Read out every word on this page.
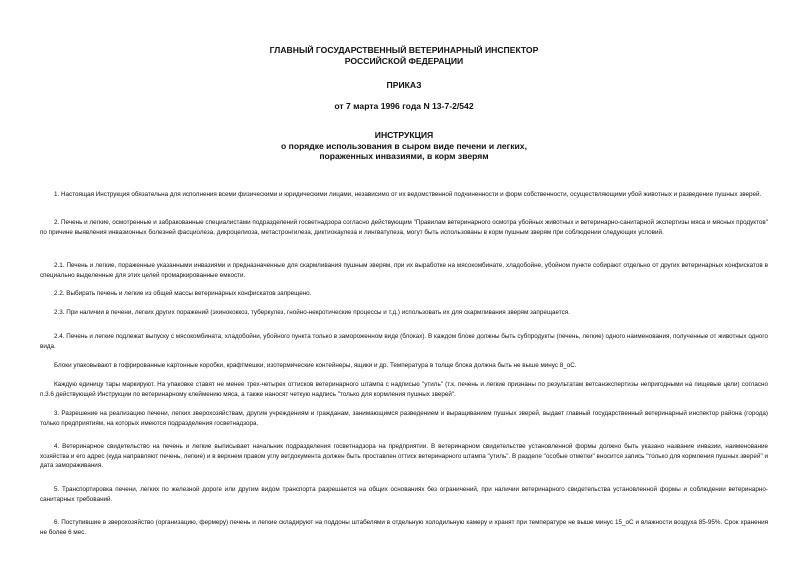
ГЛАВНЫЙ ГОСУДАРСТВЕННЫЙ ВЕТЕРИНАРНЫЙ ИНСПЕКТОР
РОССИЙСКОЙ ФЕДЕРАЦИИ
ПРИКАЗ
от 7 марта 1996 года N 13-7-2/542
ИНСТРУКЦИЯ
о порядке использования в сыром виде печени и легких,
пораженных инвазиями, в корм зверям

1. Настоящая Инструкция обязательна для исполнения всеми физическими и юридическими лицами, независимо от их ведомственной подчиненности и форм собственности, осуществляющими убой животных и разведение пушных зверей.

2. Печень и легкие, осмотренные и забракованные специалистами подразделений госветнадзора согласно действующим "Правилам ветеринарного осмотра убойных животных и ветеринарно-санитарной экспертизы мяса и мясных продуктов" по причине выявления инвазионных болезней фасциолеза, дикроцелиоза, метастронгилеза, диктиокаулеза и лингватулеза, могут быть использованы в корм пушным зверям при соблюдении следующих условий.

2.1. Печень и легкие, пораженные указанными инвазиями и предназначенные для скармливания пушным зверям, при их выработке на мясокомбинате, хладобойне, убойном пункте собирают отдельно от других ветеринарных конфискатов в специально выделенные для этих целей промаркированные емкости.

2.2. Выбирать печень и легкие из общей массы ветеринарных конфискатов запрещено.

2.3. При наличии в печени, легких других поражений (эхинококкоз, туберкулез, гнойно-некротические процессы и т.д.) использовать их для скармливания зверям запрещается.

2.4. Печень и легкие подлежат выпуску с мясокомбината, хладобойни, убойного пункта только в замороженном виде (блоках). В каждом блоке должны быть субпродукты (печень, легкие) одного наименования, полученные от животных одного вида.

Блоки упаковывают в гофрированные картонные коробки, крафтмешки, изотермические контейнеры, ящики и др. Температура в толще блока должна быть не выше минус 8_оС.

Каждую единицу тары маркируют. На упаковке ставят не менее трех-четырех оттисков ветеринарного штампа с надписью "утиль" (т.к. печень и легкие признаны по результатам ветсанэкспертизы непригодными на пищевые цели) согласно п.3.6 действующей Инструкции по ветеринарному клеймению мяса, а также наносят четкую надпись "только для кормления пушных зверей".

3. Разрешение на реализацию печени, легких зверохозяйствам, другим учреждениям и гражданам, занимающимся разведением и выращиванием пушных зверей, выдает главный государственный ветеринарный инспектор района (города) только предприятиям, на которых имеются подразделения госветнадзора.

4. Ветеринарное свидетельство на печень и легкие выписывает начальник подразделения госветнадзора на предприятии. В ветеринарном свидетельстве установленной формы должно быть указано название инвазии, наименование хозяйства и его адрес (куда направляют печень, легкие) и в верхнем правом углу ветдокумента должен быть проставлен оттиск ветеринарного штампа "утиль". В разделе "особые отметки" вносится запись "только для кормления пушных зверей" и дата замораживания.

5. Транспортировка печени, легких по железной дороге или другим видом транспорта разрешается на общих основаниях без ограничений, при наличии ветеринарного свидетельства установленной формы и соблюдении ветеринарно-санитарных требований.

6. Поступившие в зверохозяйство (организацию, фермеру) печень и легкие складируют на поддоны штабелями в отдельную холодильную камеру и хранят при температуре не выше минус 15_оС и влажности воздуха 85-95%. Срок хранения не более 6 мес.
